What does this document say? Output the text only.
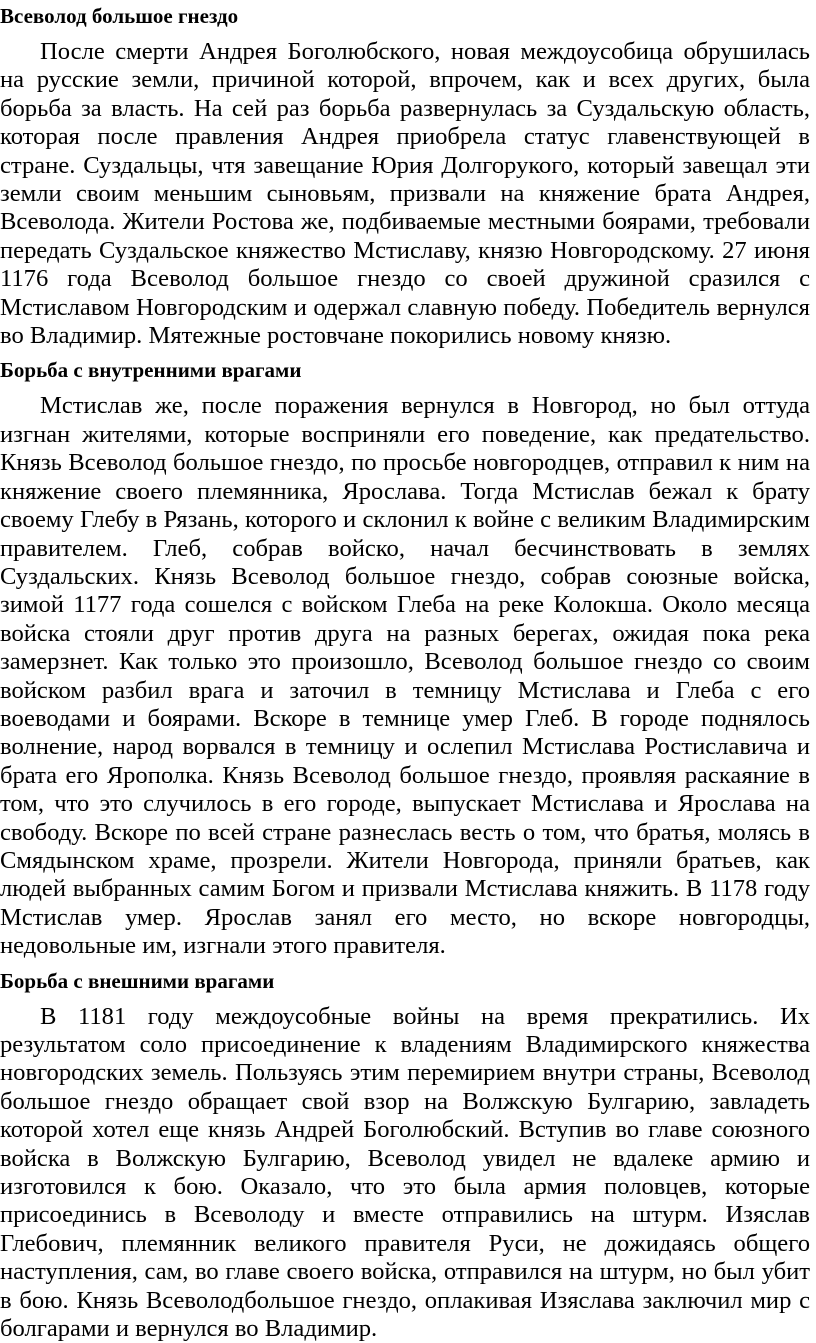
Всеволод большое гнездо

После смерти Андрея Боголюбского, новая междоусобица обрушилась на русские земли, причиной которой, впрочем, как и всех других, была борьба за власть. На сей раз борьба развернулась за Суздальскую область, которая после правления Андрея приобрела статус главенствующей в стране. Суздальцы, чтя завещание Юрия Долгорукого, который завещал эти земли своим меньшим сыновьям, призвали на княжение брата Андрея, Всеволода. Жители Ростова же, подбиваемые местными боярами, требовали передать Суздальское княжество Мстиславу, князю Новгородскому. 27 июня 1176 года Всеволод большое гнездо со своей дружиной сразился с Мстиславом Новгородским и одержал славную победу. Победитель вернулся во Владимир. Мятежные ростовчане покорились новому князю.

Борьба с внутренними врагами

Мстислав же, после поражения вернулся в Новгород, но был оттуда изгнан жителями, которые восприняли его поведение, как предательство. Князь Всеволод большое гнездо, по просьбе новгородцев, отправил к ним на княжение своего племянника, Ярослава. Тогда Мстислав бежал к брату своему Глебу в Рязань, которого и склонил к войне с великим Владимирским правителем. Глеб, собрав войско, начал бесчинствовать в землях Суздальских. Князь Всеволод большое гнездо, собрав союзные войска, зимой 1177 года сошелся с войском Глеба на реке Колокша. Около месяца войска стояли друг против друга на разных берегах, ожидая пока река замерзнет. Как только это произошло, Всеволод большое гнездо со своим войском разбил врага и заточил в темницу Мстислава и Глеба с его воеводами и боярами. Вскоре в темнице умер Глеб. В городе поднялось волнение, народ ворвался в темницу и ослепил Мстислава Ростиславича и брата его Ярополка. Князь Всеволод большое гнездо, проявляя раскаяние в том, что это случилось в его городе, выпускает Мстислава и Ярослава на свободу. Вскоре по всей стране разнеслась весть о том, что братья, молясь в Смядынском храме, прозрели. Жители Новгорода, приняли братьев, как людей выбранных самим Богом и призвали Мстислава княжить. В 1178 году Мстислав умер. Ярослав занял его место, но вскоре новгородцы, недовольные им, изгнали этого правителя.

Борьба с внешними врагами

В 1181 году междоусобные войны на время прекратились. Их результатом соло присоединение к владениям Владимирского княжества новгородских земель. Пользуясь этим перемирием внутри страны, Всеволод большое гнездо обращает свой взор на Волжскую Булгарию, завладеть которой хотел еще князь Андрей Боголюбский. Вступив во главе союзного войска в Волжскую Булгарию, Всеволод увидел не вдалеке армию и изготовился к бою. Оказало, что это была армия половцев, которые присоединись в Всеволоду и вместе отправились на штурм. Изяслав Глебович, племянник великого правителя Руси, не дожидаясь общего наступления, сам, во главе своего войска, отправился на штурм, но был убит в бою. Князь Всеволодбольшое гнездо, оплакивая Изяслава заключил мир с болгарами и вернулся во Владимир.
